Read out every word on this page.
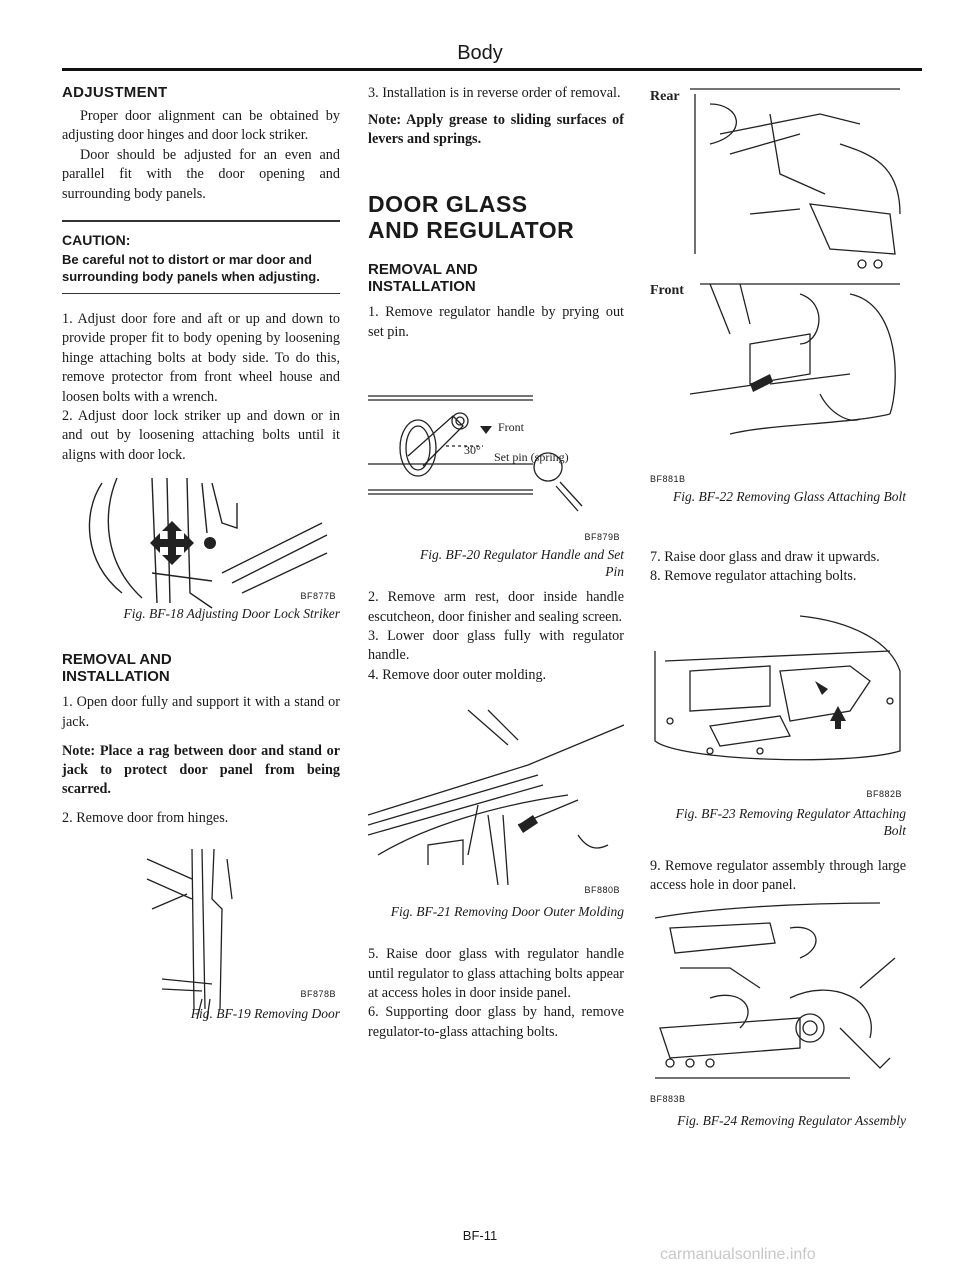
Body
ADJUSTMENT

Proper door alignment can be obtained by adjusting door hinges and door lock striker.

Door should be adjusted for an even and parallel fit with the door opening and surrounding body panels.

CAUTION:
Be careful not to distort or mar door and surrounding body panels when adjusting.

1. Adjust door fore and aft or up and down to provide proper fit to body opening by loosening hinge attaching bolts at body side. To do this, remove protector from front wheel house and loosen bolts with a wrench.

2. Adjust door lock striker up and down or in and out by loosening attaching bolts until it aligns with door lock.

BF877B
Fig. BF-18 Adjusting Door Lock Striker
REMOVAL AND
INSTALLATION

1. Open door fully and support it with a stand or jack.

Note: Place a rag between door and stand or jack to protect door panel from being scarred.

2. Remove door from hinges.

BF878B
Fig. BF-19 Removing Door

3. Installation is in reverse order of removal.

Note: Apply grease to sliding surfaces of levers and springs.

DOOR GLASS
AND REGULATOR
REMOVAL AND
INSTALLATION

1. Remove regulator handle by prying out set pin.

Front
30° Set pin (spring)
BF879B
Fig. BF-20 Regulator Handle and Set Pin

2. Remove arm rest, door inside handle escutcheon, door finisher and sealing screen.

3. Lower door glass fully with regulator handle.

4. Remove door outer molding.

BF880B
Fig. BF-21 Removing Door Outer Molding

5. Raise door glass with regulator handle until regulator to glass attaching bolts appear at access holes in door inside panel.

6. Supporting door glass by hand, remove regulator-to-glass attaching bolts.

Rear
Front
BF881B
Fig. BF-22 Removing Glass Attaching Bolt

7. Raise door glass and draw it upwards.

8. Remove regulator attaching bolts.

BF882B
Fig. BF-23 Removing Regulator Attaching Bolt

9. Remove regulator assembly through large access hole in door panel.

BF883B
Fig. BF-24 Removing Regulator Assembly
BF-11
carmanualsonline.info
